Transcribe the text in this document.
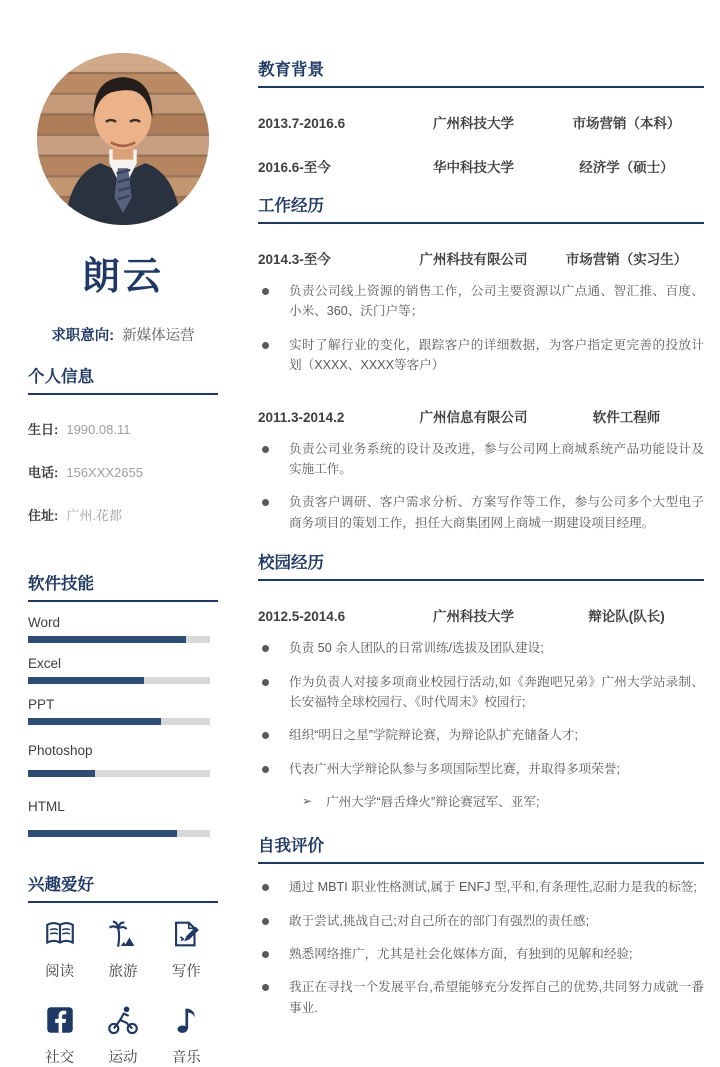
朗云
求职意向: 新媒体运营
个人信息
生日: 1990.08.11
电话: 156XXX2655
住址: 广州.花都
软件技能
Word
Excel
PPT
Photoshop
HTML
兴趣爱好
阅读 旅游 写作
社交 运动 音乐
教育背景
2013.7-2016.6	广州科技大学	市场营销（本科）
2016.6-至今	华中科技大学	经济学（硕士）
工作经历
2014.3-至今	广州科技有限公司	市场营销（实习生）
负责公司线上资源的销售工作，公司主要资源以广点通、智汇推、百度、小米、360、沃门户等；
实时了解行业的变化，跟踪客户的详细数据，为客户指定更完善的投放计划（XXXX、XXXX等客户）
2011.3-2014.2	广州信息有限公司	软件工程师
负责公司业务系统的设计及改进，参与公司网上商城系统产品功能设计及实施工作。
负责客户调研、客户需求分析、方案写作等工作，参与公司多个大型电子商务项目的策划工作，担任大商集团网上商城一期建设项目经理。
校园经历
2012.5-2014.6	广州科技大学	辩论队(队长)
负责 50 余人团队的日常训练/选拔及团队建设;
作为负责人对接多项商业校园行活动,如《奔跑吧兄弟》广州大学站录制、长安福特全球校园行、《时代周末》校园行;
组织“明日之星”学院辩论赛，为辩论队扩充储备人才;
代表广州大学辩论队参与多项国际型比赛，并取得多项荣誉;
➢ 广州大学“唇舌烽火”辩论赛冠军、亚军;
自我评价
通过 MBTI 职业性格测试,属于 ENFJ 型,平和,有条理性,忍耐力是我的标签;
敢于尝试,挑战自己;对自己所在的部门有强烈的责任感;
熟悉网络推广，尤其是社会化媒体方面，有独到的见解和经验;
我正在寻找一个发展平台,希望能够充分发挥自己的优势,共同努力成就一番事业.
